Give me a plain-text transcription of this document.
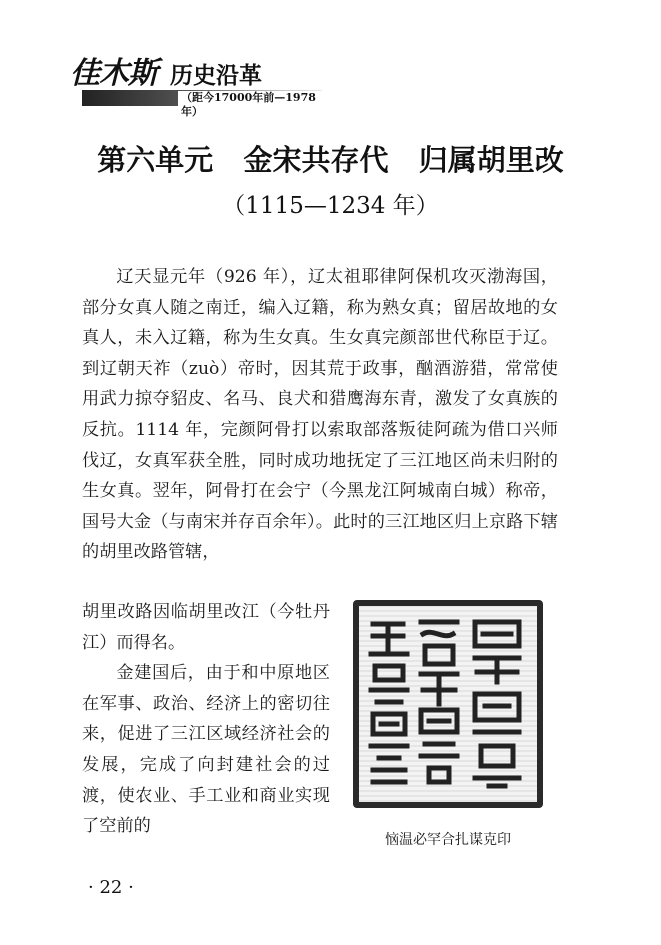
佳木斯 历史沿革
（距今17000年前—1978年）
第六单元   金宋共存代   归属胡里改
（1115—1234 年）

辽天显元年（926 年），辽太祖耶律阿保机攻灭渤海国，部分女真人随之南迁，编入辽籍，称为熟女真；留居故地的女真人，未入辽籍，称为生女真。生女真完颜部世代称臣于辽。到辽朝天祚（zuò）帝时，因其荒于政事，酗酒游猎，常常使用武力掠夺貂皮、名马、良犬和猎鹰海东青，激发了女真族的反抗。1114 年，完颜阿骨打以索取部落叛徒阿疏为借口兴师伐辽，女真军获全胜，同时成功地抚定了三江地区尚未归附的生女真。翌年，阿骨打在会宁（今黑龙江阿城南白城）称帝，国号大金（与南宋并存百余年）。此时的三江地区归上京路下辖的胡里改路管辖，

胡里改路因临胡里改江（今牡丹江）而得名。

金建国后，由于和中原地区在军事、政治、经济上的密切往来，促进了三江区域经济社会的发展，完成了向封建社会的过渡，使农业、手工业和商业实现了空前的

恼温必罕合扎谋克印
· 22 ·
